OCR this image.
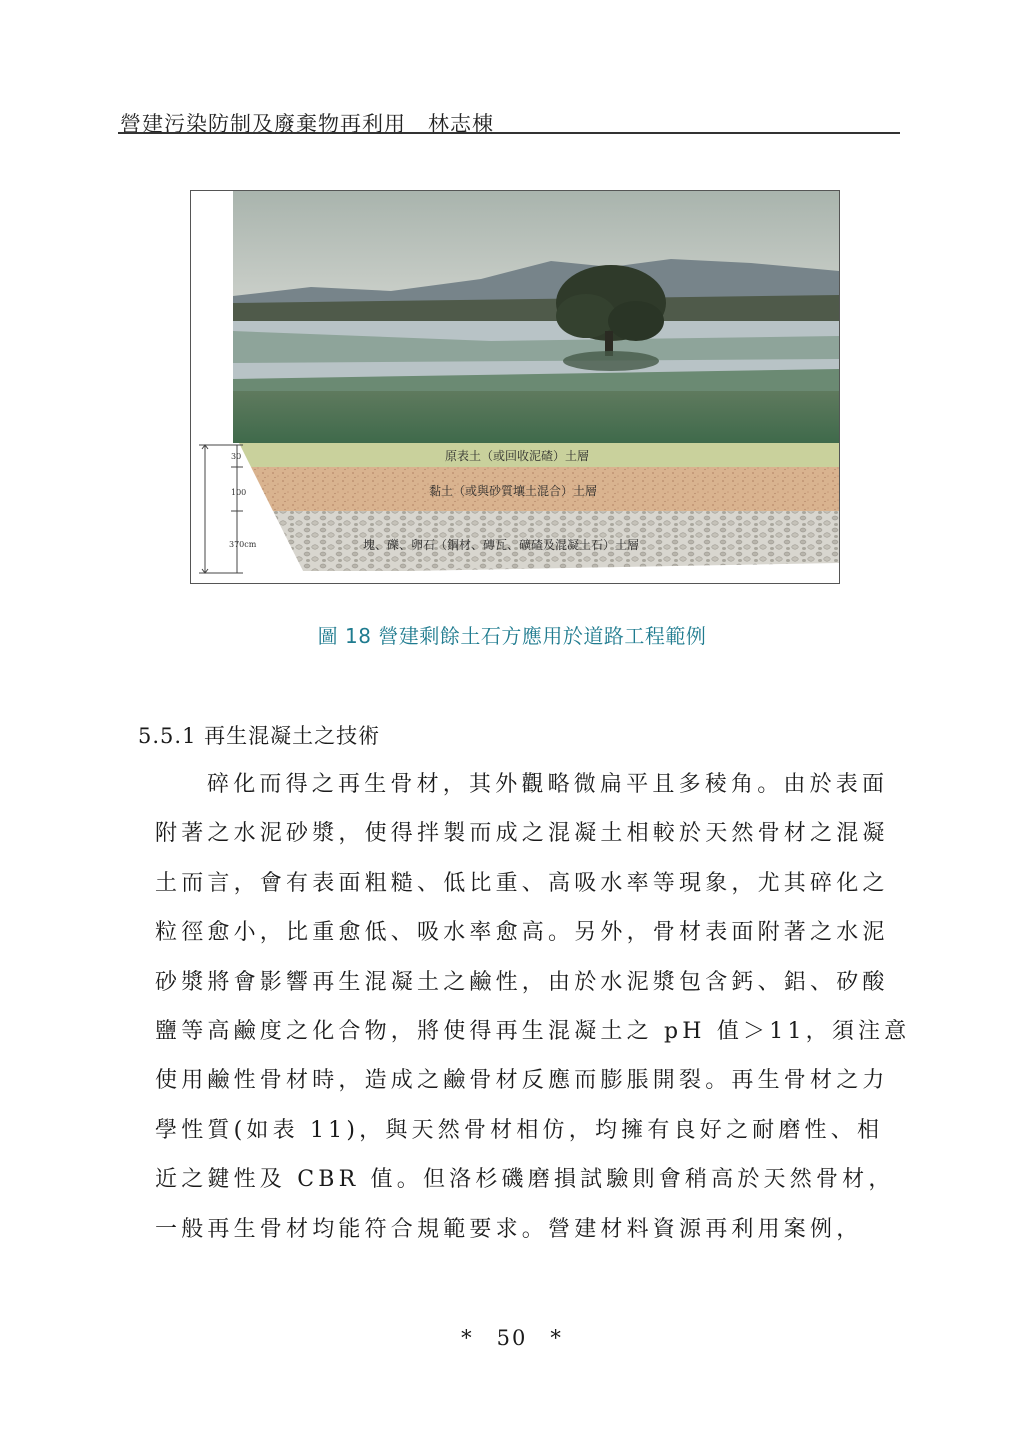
營建污染防制及廢棄物再利用 林志棟
30
100
370cm
原表土（或回收泥碴）土層
黏土（或與砂質壤土混合）土層
塊、礫、卵石（鋼材、磚瓦、礦碴及混凝土石）土層
圖 18 營建剩餘土石方應用於道路工程範例
5.5.1 再生混凝土之技術
碎化而得之再生骨材，其外觀略微扁平且多稜角。由於表面
附著之水泥砂漿，使得拌製而成之混凝土相較於天然骨材之混凝
土而言，會有表面粗糙、低比重、高吸水率等現象，尤其碎化之
粒徑愈小，比重愈低、吸水率愈高。另外，骨材表面附著之水泥
砂漿將會影響再生混凝土之鹼性，由於水泥漿包含鈣、鋁、矽酸
鹽等高鹼度之化合物，將使得再生混凝土之 pH 值＞11，須注意
使用鹼性骨材時，造成之鹼骨材反應而膨脹開裂。再生骨材之力
學性質(如表 11)，與天然骨材相仿，均擁有良好之耐磨性、相
近之鍵性及 CBR 值。但洛杉磯磨損試驗則會稍高於天然骨材，
一般再生骨材均能符合規範要求。營建材料資源再利用案例，
*　50　*
